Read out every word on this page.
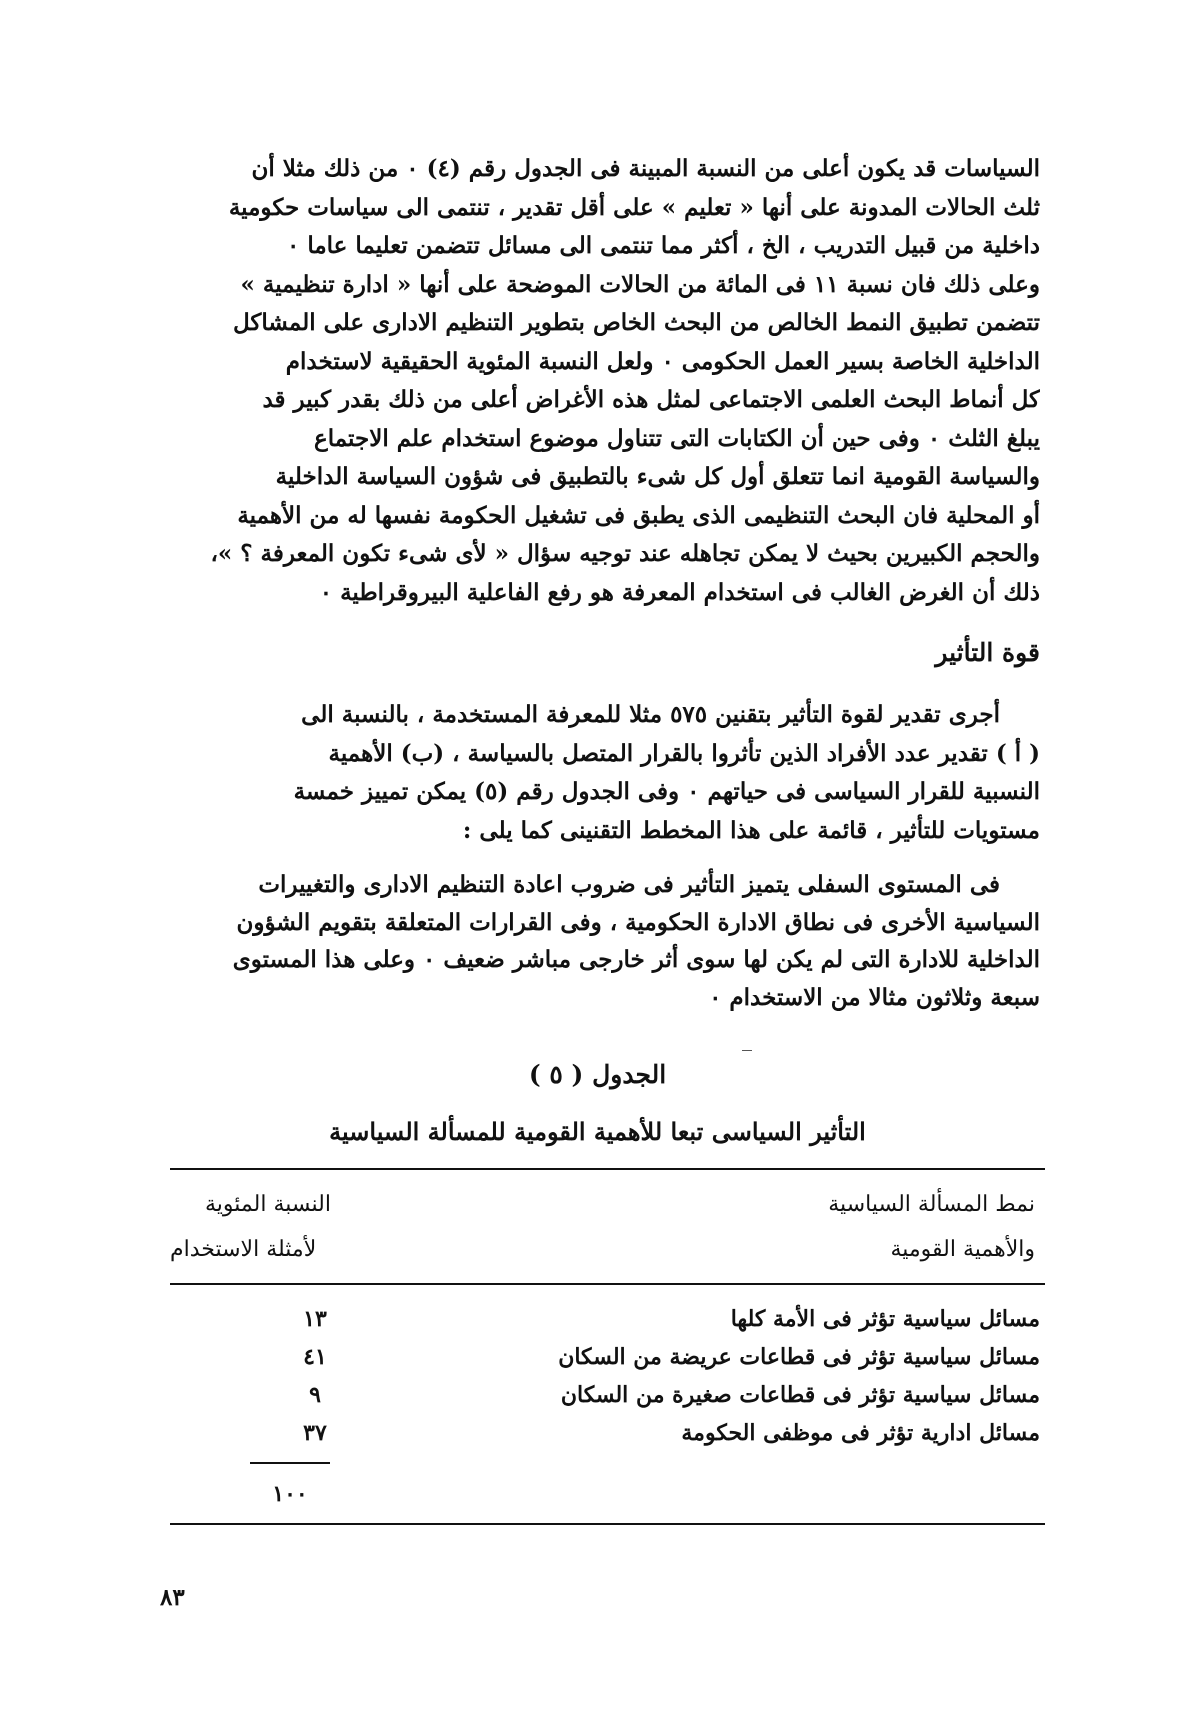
السياسات قد يكون أعلى من النسبة المبينة فى الجدول رقم (٤) ٠ من ذلك مثلا أن
ثلث الحالات المدونة على أنها « تعليم » على أقل تقدير ، تنتمى الى سياسات حكومية
داخلية من قبيل التدريب ، الخ ، أكثر مما تنتمى الى مسائل تتضمن تعليما عاما ٠
وعلى ذلك فان نسبة ١١ فى المائة من الحالات الموضحة على أنها « ادارة تنظيمية »
تتضمن تطبيق النمط الخالص من البحث الخاص بتطوير التنظيم الادارى على المشاكل
الداخلية الخاصة بسير العمل الحكومى ٠ ولعل النسبة المئوية الحقيقية لاستخدام
كل أنماط البحث العلمى الاجتماعى لمثل هذه الأغراض أعلى من ذلك بقدر كبير قد
يبلغ الثلث ٠ وفى حين أن الكتابات التى تتناول موضوع استخدام علم الاجتماع
والسياسة القومية انما تتعلق أول كل شىء بالتطبيق فى شؤون السياسة الداخلية
أو المحلية فان البحث التنظيمى الذى يطبق فى تشغيل الحكومة نفسها له من الأهمية
والحجم الكبيرين بحيث لا يمكن تجاهله عند توجيه سؤال « لأى شىء تكون المعرفة ؟ »،
ذلك أن الغرض الغالب فى استخدام المعرفة هو رفع الفاعلية البيروقراطية ٠
قوة التأثير
أجرى تقدير لقوة التأثير بتقنين ٥٧٥ مثلا للمعرفة المستخدمة ، بالنسبة الى
( أ ) تقدير عدد الأفراد الذين تأثروا بالقرار المتصل بالسياسة ، (ب) الأهمية
النسبية للقرار السياسى فى حياتهم ٠ وفى الجدول رقم (٥) يمكن تمييز خمسة
مستويات للتأثير ، قائمة على هذا المخطط التقنينى كما يلى :
فى المستوى السفلى يتميز التأثير فى ضروب اعادة التنظيم الادارى والتغييرات
السياسية الأخرى فى نطاق الادارة الحكومية ، وفى القرارات المتعلقة بتقويم الشؤون
الداخلية للادارة التى لم يكن لها سوى أثر خارجى مباشر ضعيف ٠ وعلى هذا المستوى
سبعة وثلاثون مثالا من الاستخدام ٠
الجدول ( ٥ )
التأثير السياسى تبعا للأهمية القومية للمسألة السياسية
نمط المسألة السياسية
والأهمية القومية
النسبة المئوية
لأمثلة الاستخدام
مسائل سياسية تؤثر فى الأمة كلها
١٣
مسائل سياسية تؤثر فى قطاعات عريضة من السكان
٤١
مسائل سياسية تؤثر فى قطاعات صغيرة من السكان
٩
مسائل ادارية تؤثر فى موظفى الحكومة
٣٧
١٠٠
٨٣
